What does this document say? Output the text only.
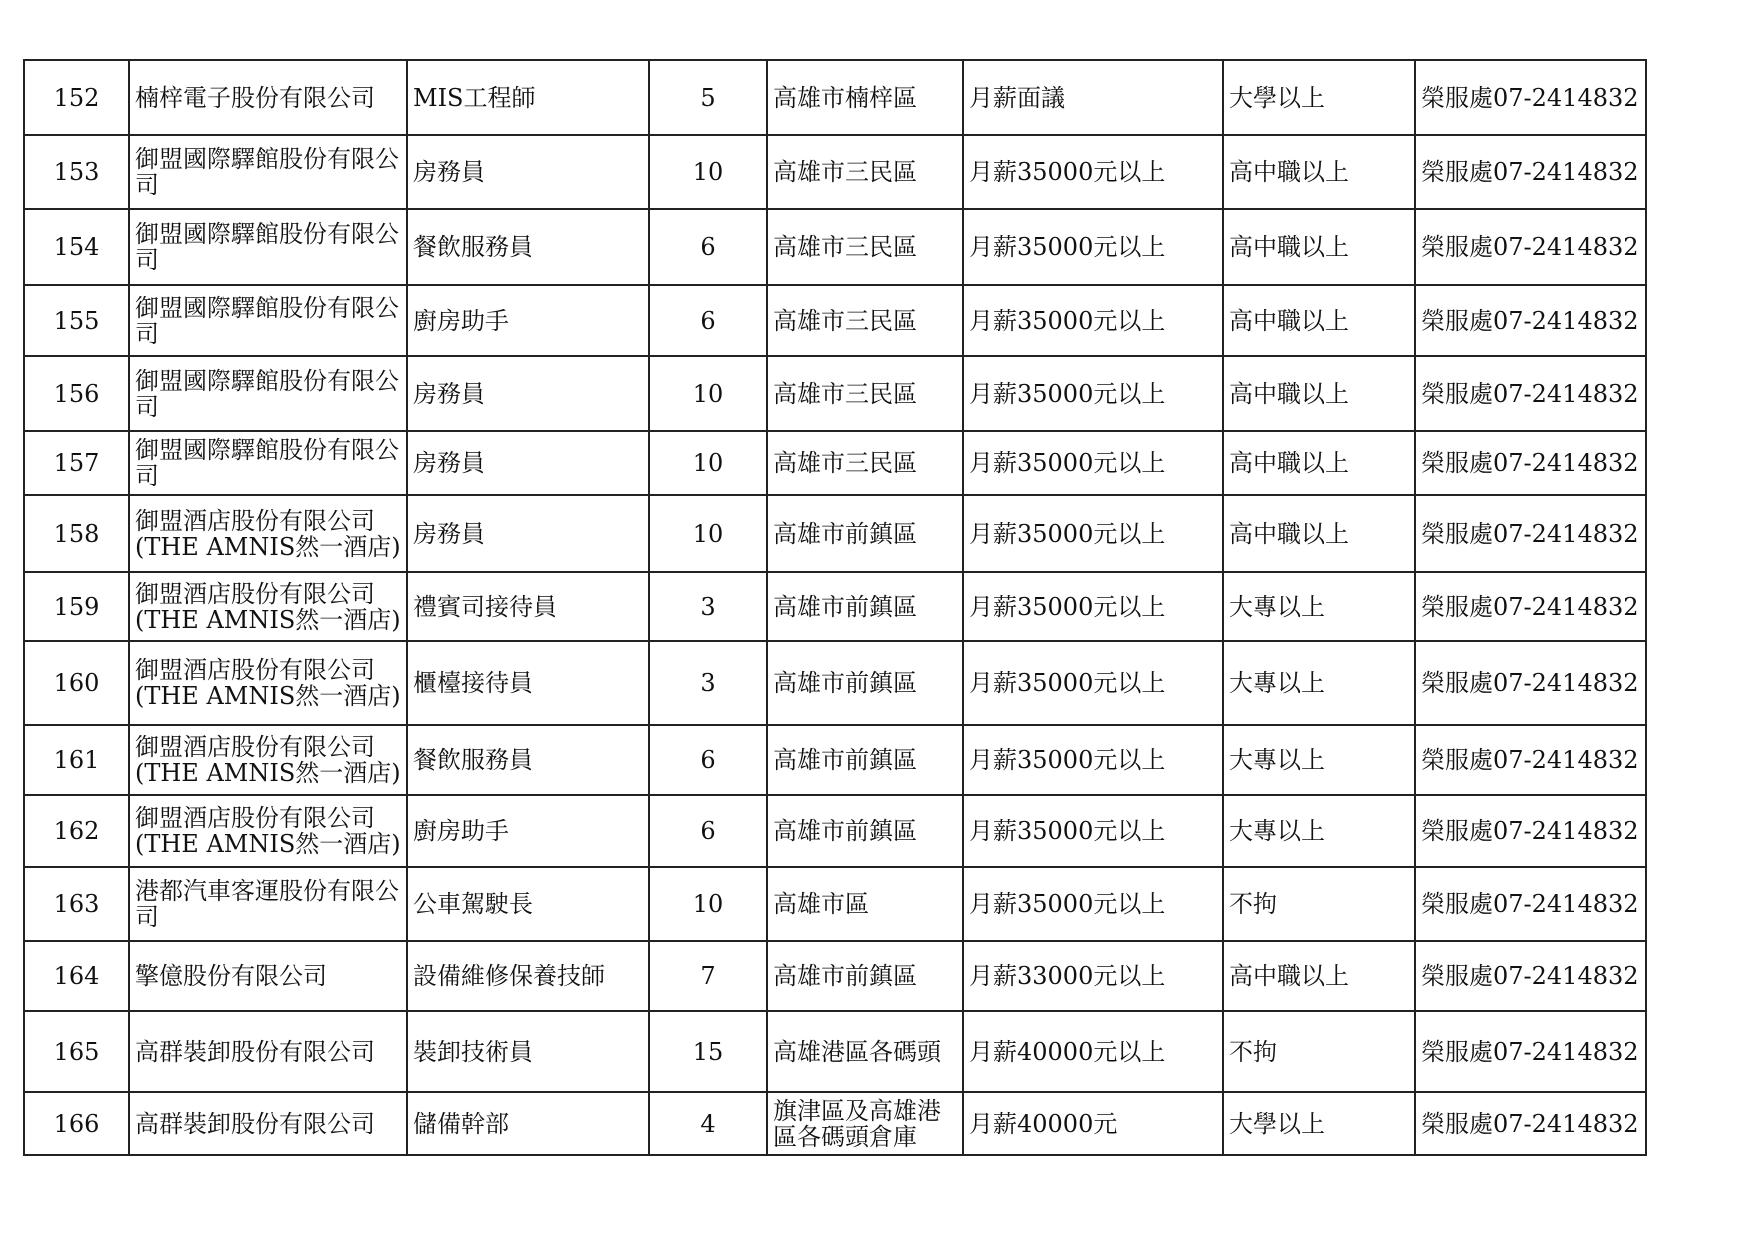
152	楠梓電子股份有限公司	MIS工程師	5	高雄市楠梓區	月薪面議	大學以上	榮服處07-2414832
153	御盟國際驛館股份有限公司	房務員	10	高雄市三民區	月薪35000元以上	高中職以上	榮服處07-2414832
154	御盟國際驛館股份有限公司	餐飲服務員	6	高雄市三民區	月薪35000元以上	高中職以上	榮服處07-2414832
155	御盟國際驛館股份有限公司	廚房助手	6	高雄市三民區	月薪35000元以上	高中職以上	榮服處07-2414832
156	御盟國際驛館股份有限公司	房務員	10	高雄市三民區	月薪35000元以上	高中職以上	榮服處07-2414832
157	御盟國際驛館股份有限公司	房務員	10	高雄市三民區	月薪35000元以上	高中職以上	榮服處07-2414832
158	御盟酒店股份有限公司(THE AMNIS然一酒店)	房務員	10	高雄市前鎮區	月薪35000元以上	高中職以上	榮服處07-2414832
159	御盟酒店股份有限公司(THE AMNIS然一酒店)	禮賓司接待員	3	高雄市前鎮區	月薪35000元以上	大專以上	榮服處07-2414832
160	御盟酒店股份有限公司(THE AMNIS然一酒店)	櫃檯接待員	3	高雄市前鎮區	月薪35000元以上	大專以上	榮服處07-2414832
161	御盟酒店股份有限公司(THE AMNIS然一酒店)	餐飲服務員	6	高雄市前鎮區	月薪35000元以上	大專以上	榮服處07-2414832
162	御盟酒店股份有限公司(THE AMNIS然一酒店)	廚房助手	6	高雄市前鎮區	月薪35000元以上	大專以上	榮服處07-2414832
163	港都汽車客運股份有限公司	公車駕駛長	10	高雄市區	月薪35000元以上	不拘	榮服處07-2414832
164	擎億股份有限公司	設備維修保養技師	7	高雄市前鎮區	月薪33000元以上	高中職以上	榮服處07-2414832
165	高群裝卸股份有限公司	裝卸技術員	15	高雄港區各碼頭	月薪40000元以上	不拘	榮服處07-2414832
166	高群裝卸股份有限公司	儲備幹部	4	旗津區及高雄港區各碼頭倉庫	月薪40000元	大學以上	榮服處07-2414832
